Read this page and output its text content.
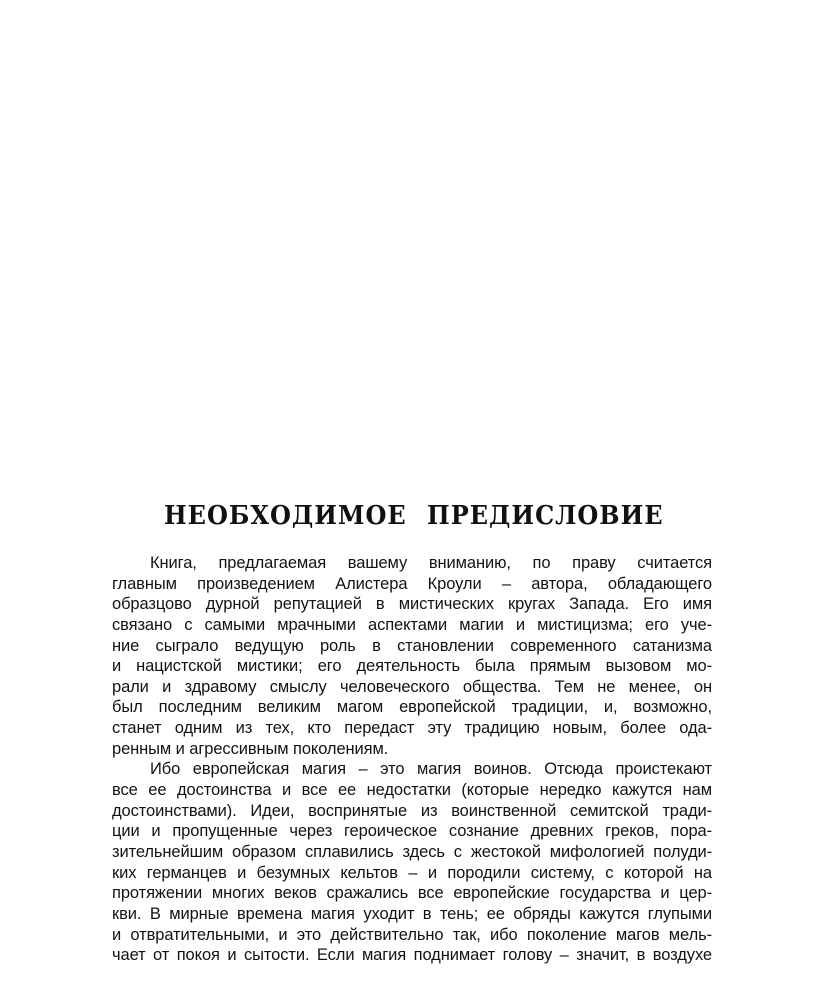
НЕОБХОДИМОЕ ПРЕДИСЛОВИЕ
Книга, предлагаемая вашему вниманию, по праву считается
главным произведением Алистера Кроули – автора, обладающего
образцово дурной репутацией в мистических кругах Запада. Его имя
связано с самыми мрачными аспектами магии и мистицизма; его уче-
ние сыграло ведущую роль в становлении современного сатанизма
и нацистской мистики; его деятельность была прямым вызовом мо-
рали и здравому смыслу человеческого общества. Тем не менее, он
был последним великим магом европейской традиции, и, возможно,
станет одним из тех, кто передаст эту традицию новым, более ода-
ренным и агрессивным поколениям.
Ибо европейская магия – это магия воинов. Отсюда проистекают
все ее достоинства и все ее недостатки (которые нередко кажутся нам
достоинствами). Идеи, воспринятые из воинственной семитской тради-
ции и пропущенные через героическое сознание древних греков, пора-
зительнейшим образом сплавились здесь с жестокой мифологией полуди-
ких германцев и безумных кельтов – и породили систему, с которой на
протяжении многих веков сражались все европейские государства и цер-
кви. В мирные времена магия уходит в тень; ее обряды кажутся глупыми
и отвратительными, и это действительно так, ибо поколение магов мель-
чает от покоя и сытости. Если магия поднимает голову – значит, в воздухе
